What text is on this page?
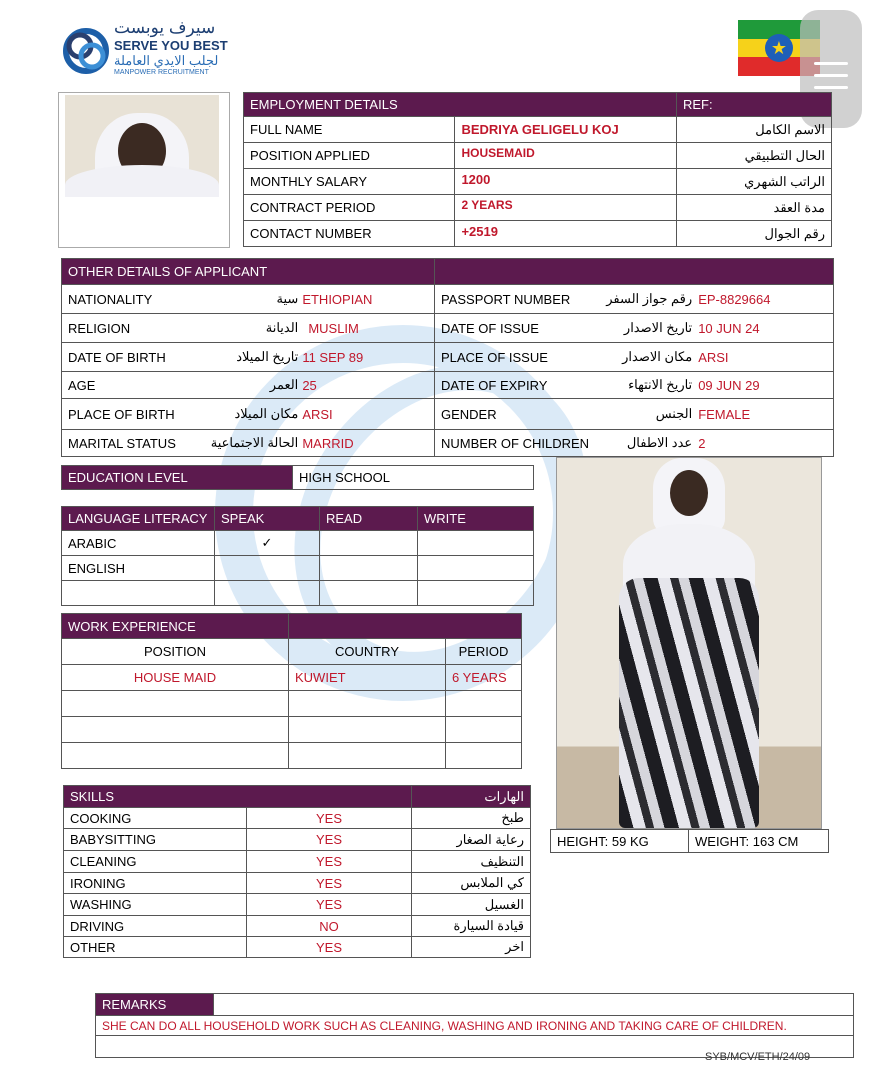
سيرف يوبست
SERVE YOU BEST
لجلب الايدي العاملة
MANPOWER RECRUITMENT
★
EMPLOYMENT DETAILS		REF:
FULL NAME	BEDRIYA GELIGELU KOJ	الاسم الكامل
POSITION APPLIED	HOUSEMAID	الحال التطبيقي
MONTHLY SALARY	1200	الراتب الشهري
CONTRACT PERIOD	2 YEARS	مدة العقد
CONTACT NUMBER	+2519	رقم الجوال
OTHER DETAILS OF APPLICANT					
NATIONALITY	سية	ETHIOPIAN	PASSPORT NUMBER	رقم جواز السفر	EP-8829664
RELIGION	الديانة	MUSLIM	DATE OF ISSUE	تاريخ الاصدار	10 JUN 24
DATE OF BIRTH	تاريخ الميلاد	11 SEP 89	PLACE OF ISSUE	مكان الاصدار	ARSI
AGE	العمر	25	DATE OF EXPIRY	تاريخ الانتهاء	09 JUN 29
PLACE OF BIRTH	مكان الميلاد	ARSI	GENDER	الجنس	FEMALE
MARITAL STATUS	الحالة الاجتماعية	MARRID	NUMBER OF CHILDREN	عدد الاطفال	2
EDUCATION LEVEL	HIGH SCHOOL
LANGUAGE LITERACY	SPEAK	READ	WRITE
ARABIC	✓		
ENGLISH			

WORK EXPERIENCE		
POSITION	COUNTRY	PERIOD
HOUSE MAID	KUWIET	6 YEARS

SKILLS		الهارات
COOKING	YES	طبخ
BABYSITTING	YES	رعاية الصغار
CLEANING	YES	التنظيف
IRONING	YES	كي الملابس
WASHING	YES	الغسيل
DRIVING	NO	قيادة السيارة
OTHER	YES	اخر
HEIGHT: 59 KG	WEIGHT: 163 CM
REMARKS	
SHE CAN DO ALL HOUSEHOLD WORK SUCH AS CLEANING, WASHING AND IRONING AND TAKING CARE OF CHILDREN.

SYB/MCV/ETH/24/09
